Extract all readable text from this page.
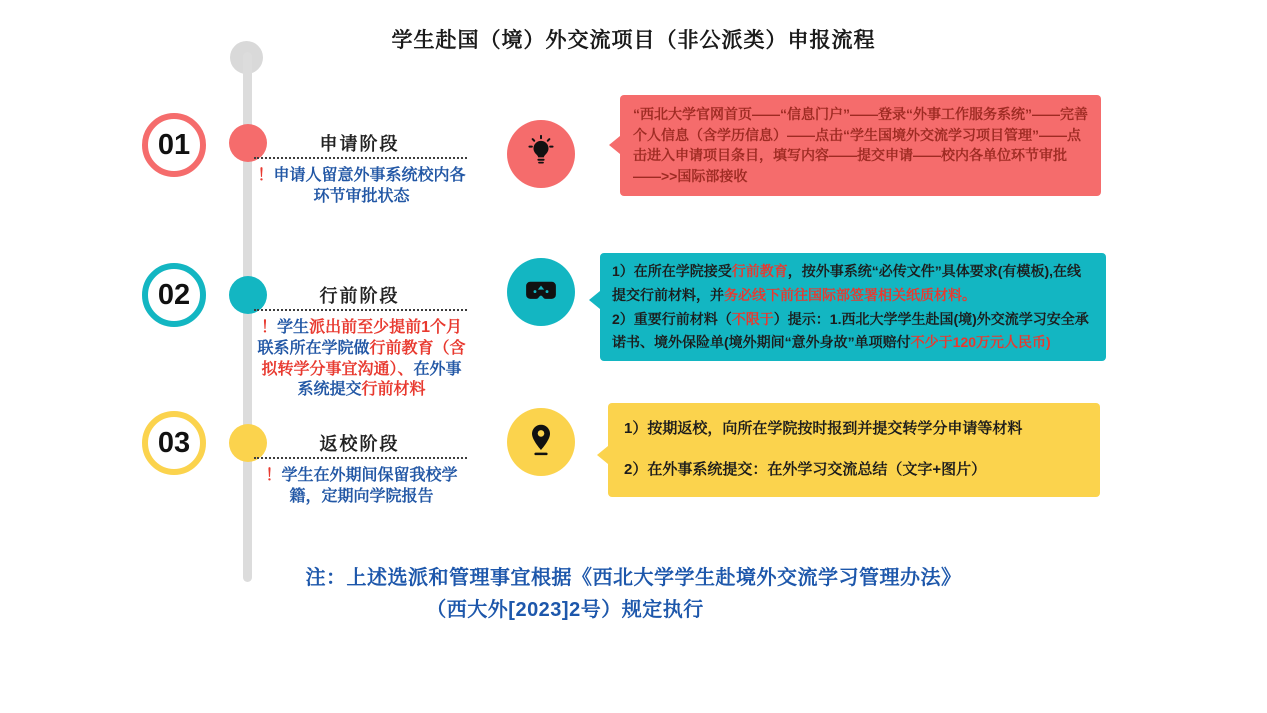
学生赴国（境）外交流项目（非公派类）申报流程
01	申请阶段
！申请人留意外事系统校内各环节审批状态
“西北大学官网首页——“信息门户”——登录“外事工作服务系统”——完善个人信息（含学历信息）——点击“学生国境外交流学习项目管理”——点击进入申请项目条目，填写内容——提交申请——校内各单位环节审批——>>国际部接收
02	行前阶段
！学生派出前至少提前1个月联系所在学院做行前教育（含拟转学分事宜沟通）、在外事系统提交行前材料
1）在所在学院接受行前教育，按外事系统“必传文件”具体要求(有模板),在线提交行前材料，并务必线下前往国际部签署相关纸质材料。
2）重要行前材料（不限于）提示：1.西北大学学生赴国(境)外交流学习安全承诺书、境外保险单(境外期间“意外身故”单项赔付不少于120万元人民币)
03	返校阶段
！学生在外期间保留我校学籍，定期向学院报告
1）按期返校，向所在学院按时报到并提交转学分申请等材料
2）在外事系统提交：在外学习交流总结（文字+图片）
注：上述选派和管理事宜根据《西北大学学生赴境外交流学习管理办法》
（西大外[2023]2号）规定执行
